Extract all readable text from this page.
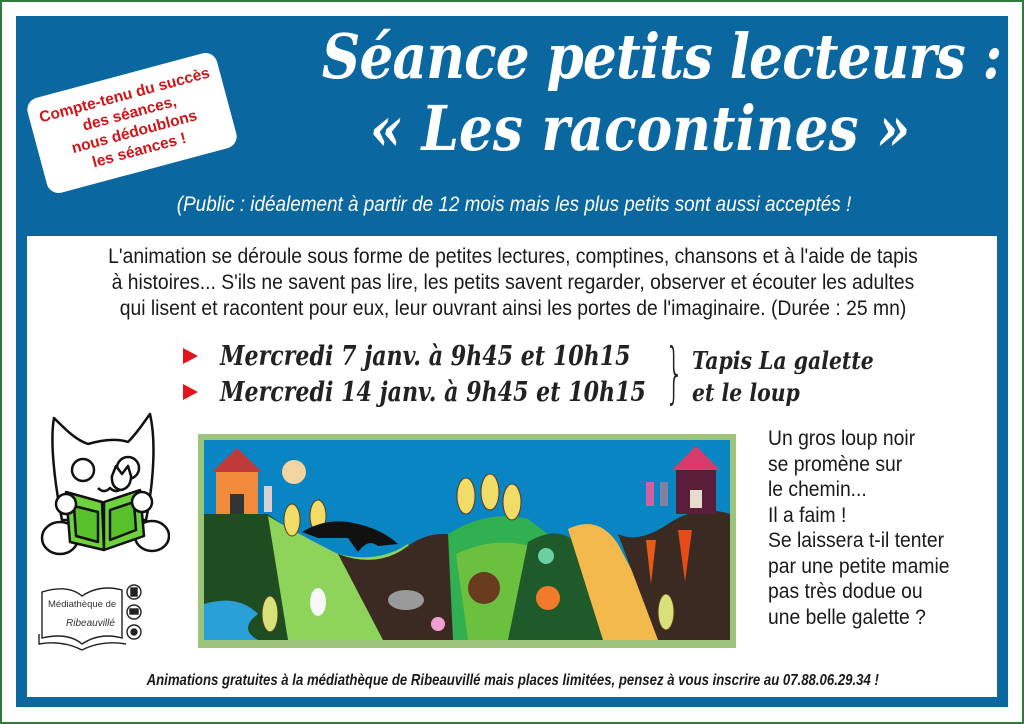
Compte-tenu du succès
des séances,
nous dédoublons
les séances !
Séance petits lecteurs :
« Les racontines »
(Public : idéalement à partir de 12 mois mais les plus petits sont aussi acceptés !
L'animation se déroule sous forme de petites lectures, comptines, chansons et à l'aide de tapis
à histoires... S'ils ne savent pas lire, les petits savent regarder, observer et écouter les adultes
qui lisent et racontent pour eux, leur ouvrant ainsi les portes de l'imaginaire. (Durée : 25 mn)
Mercredi 7 janv. à 9h45 et 10h15
Mercredi 14 janv. à 9h45 et 10h15 } Tapis La galette
et le loup
Médiathèque de
Ribeauvillé
Un gros loup noir
se promène sur
le chemin...
Il a faim !
Se laissera t-il tenter
par une petite mamie
pas très dodue ou
une belle galette ?
Animations gratuites à la médiathèque de Ribeauvillé mais places limitées, pensez à vous inscrire au 07.88.06.29.34 !
